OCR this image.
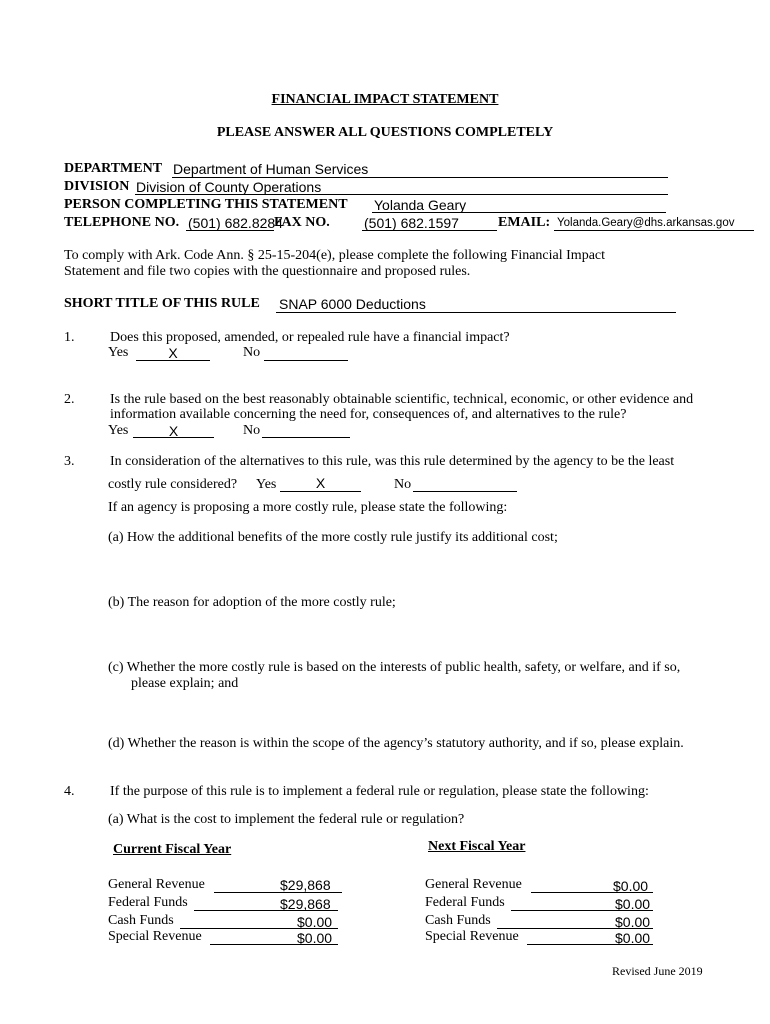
FINANCIAL IMPACT STATEMENT
PLEASE ANSWER ALL QUESTIONS COMPLETELY
DEPARTMENT Department of Human Services
DIVISION Division of County Operations
PERSON COMPLETING THIS STATEMENT Yolanda Geary
TELEPHONE NO. (501) 682.8284
FAX NO. (501) 682.1597	EMAIL: Yolanda.Geary@dhs.arkansas.gov
To comply with Ark. Code Ann. § 25-15-204(e), please complete the following Financial Impact
Statement and file two copies with the questionnaire and proposed rules.
SHORT TITLE OF THIS RULE SNAP 6000 Deductions
1.	Does this proposed, amended, or repealed rule have a financial impact?
Yes	X	No
2.	Is the rule based on the best reasonably obtainable scientific, technical, economic, or other evidence and
information available concerning the need for, consequences of, and alternatives to the rule?
Yes	X	No
3.	In consideration of the alternatives to this rule, was this rule determined by the agency to be the least
costly rule considered? Yes	X	No
If an agency is proposing a more costly rule, please state the following:
(a) How the additional benefits of the more costly rule justify its additional cost;
(b) The reason for adoption of the more costly rule;
(c) Whether the more costly rule is based on the interests of public health, safety, or welfare, and if so,
please explain; and
(d) Whether the reason is within the scope of the agency’s statutory authority, and if so, please explain.
4.	If the purpose of this rule is to implement a federal rule or regulation, please state the following:
(a) What is the cost to implement the federal rule or regulation?
Current Fiscal Year	Next Fiscal Year
General Revenue	$29,868
Federal Funds	$29,868
Cash Funds	$0.00
Special Revenue	$0.00
General Revenue	$0.00
Federal Funds	$0.00
Cash Funds	$0.00
Special Revenue	$0.00
Revised June 2019
